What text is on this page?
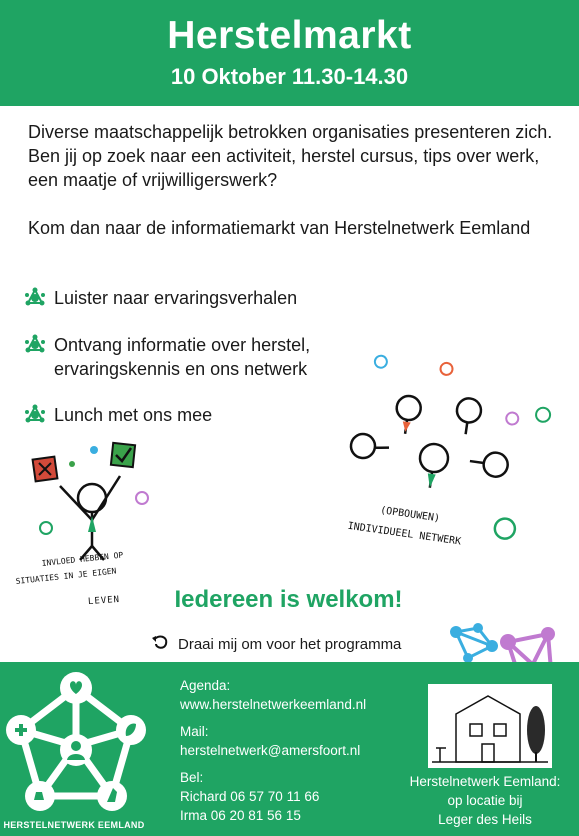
Herstelmarkt
10 Oktober 11.30-14.30

Diverse maatschappelijk betrokken organisaties presenteren zich. Ben jij op zoek naar een activiteit, herstel cursus, tips over werk, een maatje of vrijwilligerswerk?

Kom dan naar de informatiemarkt van Herstelnetwerk Eemland

Luister naar ervaringsverhalen
Ontvang informatie over herstel, ervaringskennis en ons netwerk
Lunch met ons mee
INVLOED HEBBEN OP
SITUATIES IN JE EIGEN
LEVEN
(OPBOUWEN)
INDIVIDUEEL NETWERK
Iedereen is welkom!
Draai mij om voor het programma
HERSTELNETWERK EEMLAND
Agenda:
www.herstelnetwerkeemland.nl
Mail:
herstelnetwerk@amersfoort.nl
Bel:
Richard 06 57 70 11 66
Irma 06 20 81 56 15
Herstelnetwerk Eemland:
op locatie bij
Leger des Heils
